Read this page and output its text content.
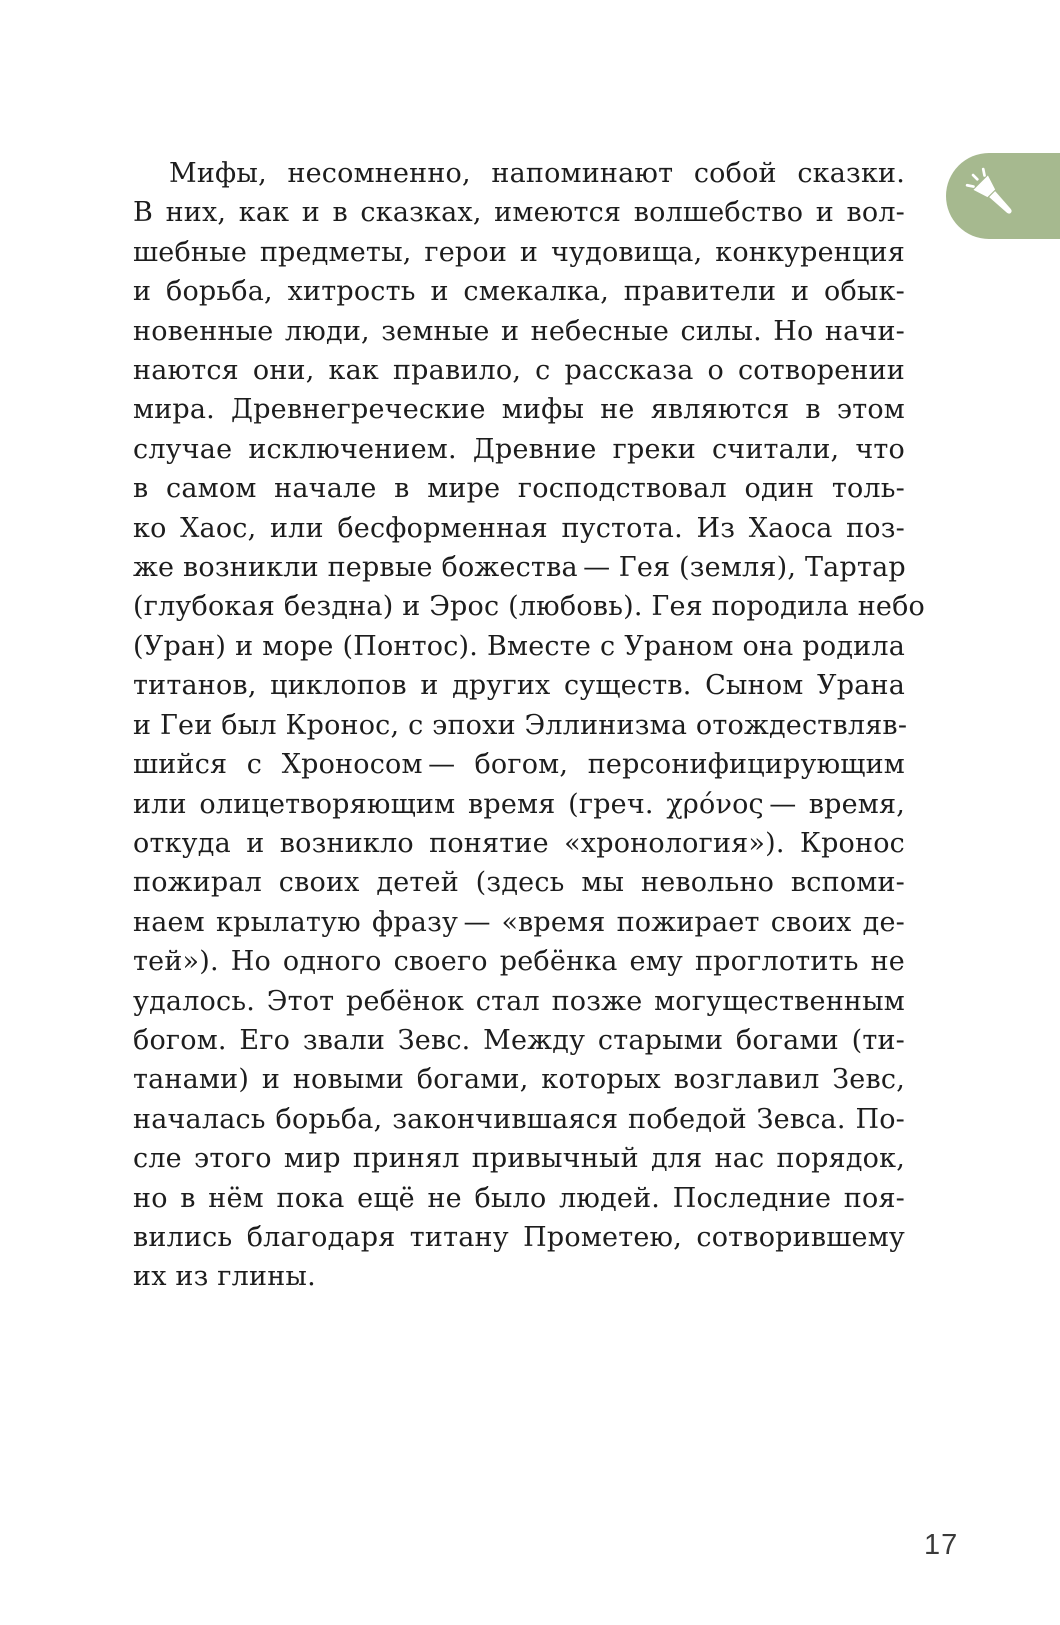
Мифы, несомненно, напоминают собой сказки.
В них, как и в сказках, имеются волшебство и вол-
шебные предметы, герои и чудовища, конкуренция
и борьба, хитрость и смекалка, правители и обык-
новенные люди, земные и небесные силы. Но начи-
наются они, как правило, с рассказа о сотворении
мира. Древнегреческие мифы не являются в этом
случае исключением. Древние греки считали, что
в самом начале в мире господствовал один толь-
ко Хаос, или бесформенная пустота. Из Хаоса поз-
же возникли первые божества — Гея (земля), Тартар
(глубокая бездна) и Эрос (любовь). Гея породила небо
(Уран) и море (Понтос). Вместе с Ураном она родила
титанов, циклопов и других существ. Сыном Урана
и Геи был Кронос, с эпохи Эллинизма отождествляв-
шийся с Хроносом — богом, персонифицирующим
или олицетворяющим время (греч. χρόνος — время,
откуда и возникло понятие «хронология»). Кронос
пожирал своих детей (здесь мы невольно вспоми-
наем крылатую фразу — «время пожирает своих де-
тей»). Но одного своего ребёнка ему проглотить не
удалось. Этот ребёнок стал позже могущественным
богом. Его звали Зевс. Между старыми богами (ти-
танами) и новыми богами, которых возглавил Зевс,
началась борьба, закончившаяся победой Зевса. По-
сле этого мир принял привычный для нас порядок,
но в нём пока ещё не было людей. Последние поя-
вились благодаря титану Прометею, сотворившему
их из глины.
17
